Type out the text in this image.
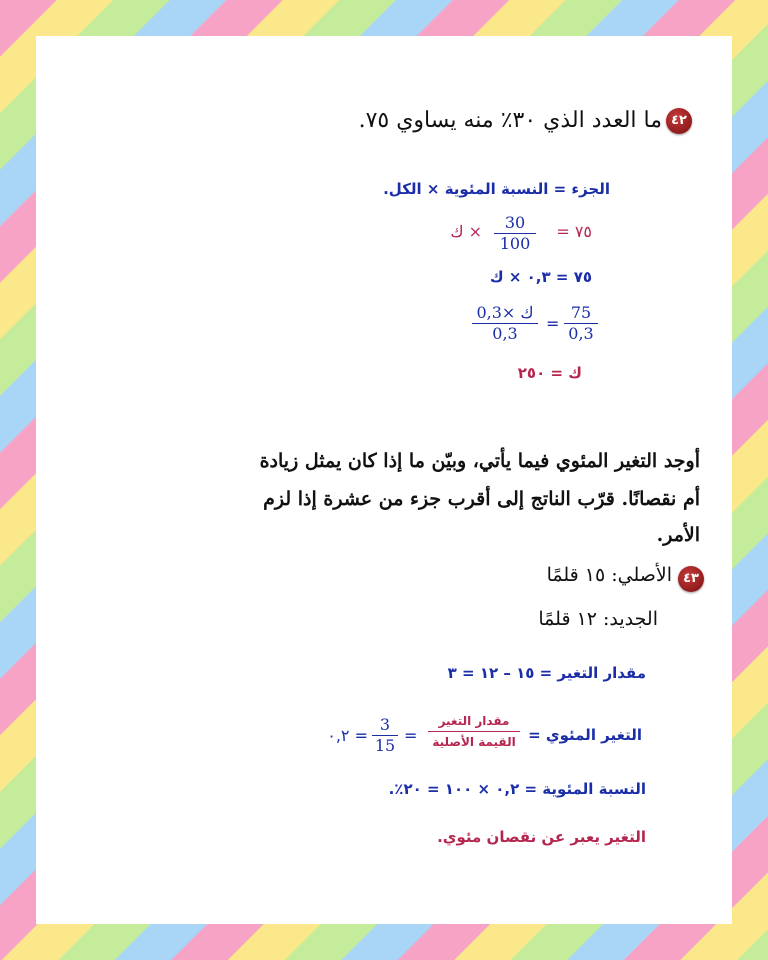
٤٢
ما العدد الذي ٣٠٪ منه يساوي ٧٥.
الجزء = النسبة المئوية × الكل.
٧٥ =
30
100
× ك
٧٥ = ٠,٣ × ك
75
0,3
=
0,3× ك
0,3
ك = ٢٥٠
أوجد التغير المئوي فيما يأتي، وبيّن ما إذا كان يمثل زيادة
أم نقصانًا. قرّب الناتج إلى أقرب جزء من عشرة إذا لزم
الأمر.
٤٣
الأصلي: ١٥ قلمًا
الجديد: ١٢ قلمًا
مقدار التغير = ١٥ – ١٢ = ٣
التغير المئوي =
مقدار التغير
القيمة الأصلية
=
3
15
= ٠,٢
النسبة المئوية = ٠,٢ × ١٠٠ = ٢٠٪.
التغير يعبر عن نقصان مئوي.
